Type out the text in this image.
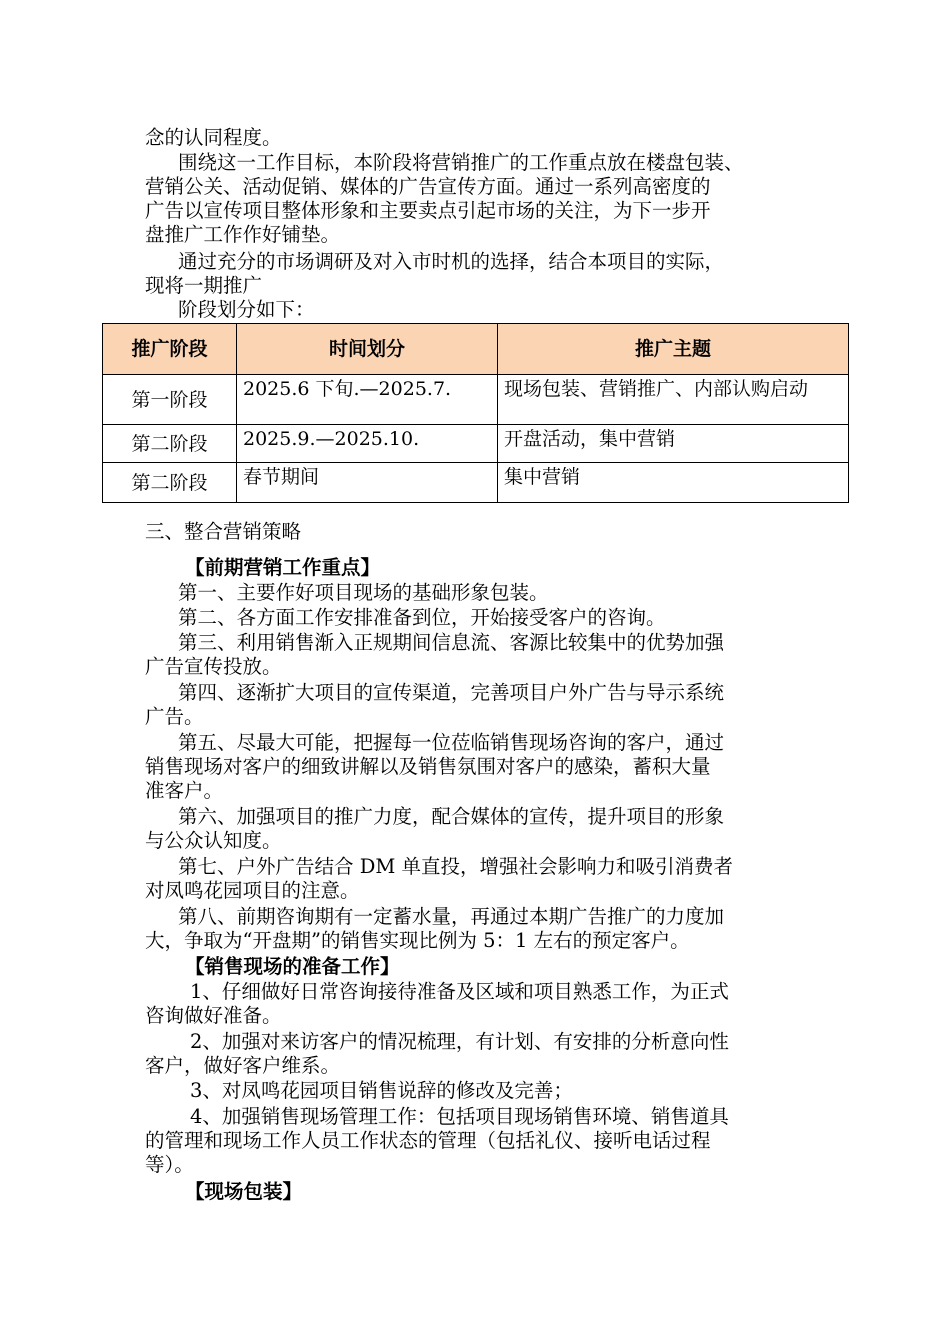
念的认同程度。

围绕这一工作目标，本阶段将营销推广的工作重点放在楼盘包装、

营销公关、活动促销、媒体的广告宣传方面。通过一系列高密度的

广告以宣传项目整体形象和主要卖点引起市场的关注，为下一步开

盘推广工作作好铺垫。

通过充分的市场调研及对入市时机的选择，结合本项目的实际，

现将一期推广

阶段划分如下：

推广阶段	时间划分	推广主题
第一阶段	2025.6 下旬.—2025.7.	现场包装、营销推广、内部认购启动
第二阶段	2025.9.—2025.10.	开盘活动，集中营销
第二阶段	春节期间	集中营销

三、整合营销策略

【前期营销工作重点】

第一、主要作好项目现场的基础形象包装。

第二、各方面工作安排准备到位，开始接受客户的咨询。

第三、利用销售渐入正规期间信息流、客源比较集中的优势加强

广告宣传投放。

第四、逐渐扩大项目的宣传渠道，完善项目户外广告与导示系统

广告。

第五、尽最大可能，把握每一位莅临销售现场咨询的客户，通过

销售现场对客户的细致讲解以及销售氛围对客户的感染，蓄积大量

准客户。

第六、加强项目的推广力度，配合媒体的宣传，提升项目的形象

与公众认知度。

第七、户外广告结合 DM 单直投，增强社会影响力和吸引消费者

对凤鸣花园项目的注意。

第八、前期咨询期有一定蓄水量，再通过本期广告推广的力度加

大，争取为“开盘期”的销售实现比例为 5：1 左右的预定客户。

【销售现场的准备工作】

1、仔细做好日常咨询接待准备及区域和项目熟悉工作，为正式

咨询做好准备。

2、加强对来访客户的情况梳理，有计划、有安排的分析意向性

客户，做好客户维系。

3、对凤鸣花园项目销售说辞的修改及完善；

4、加强销售现场管理工作：包括项目现场销售环境、销售道具

的管理和现场工作人员工作状态的管理（包括礼仪、接听电话过程

等）。

【现场包装】
